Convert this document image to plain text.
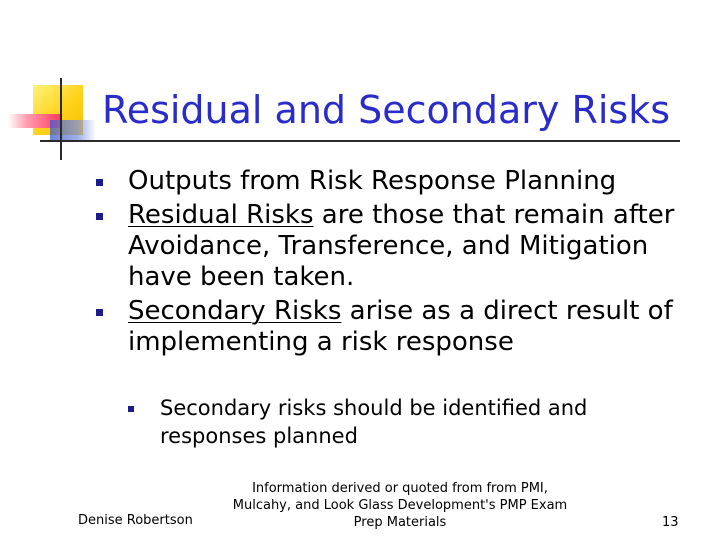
Residual and Secondary Risks
Outputs from Risk Response Planning
Residual Risks are those that remain after Avoidance, Transference, and Mitigation have been taken.
Secondary Risks arise as a direct result of implementing a risk response
Secondary risks should be identified and responses planned
Denise Robertson
Information derived or quoted from from PMI,
Mulcahy, and Look Glass Development's PMP Exam
Prep Materials	13
